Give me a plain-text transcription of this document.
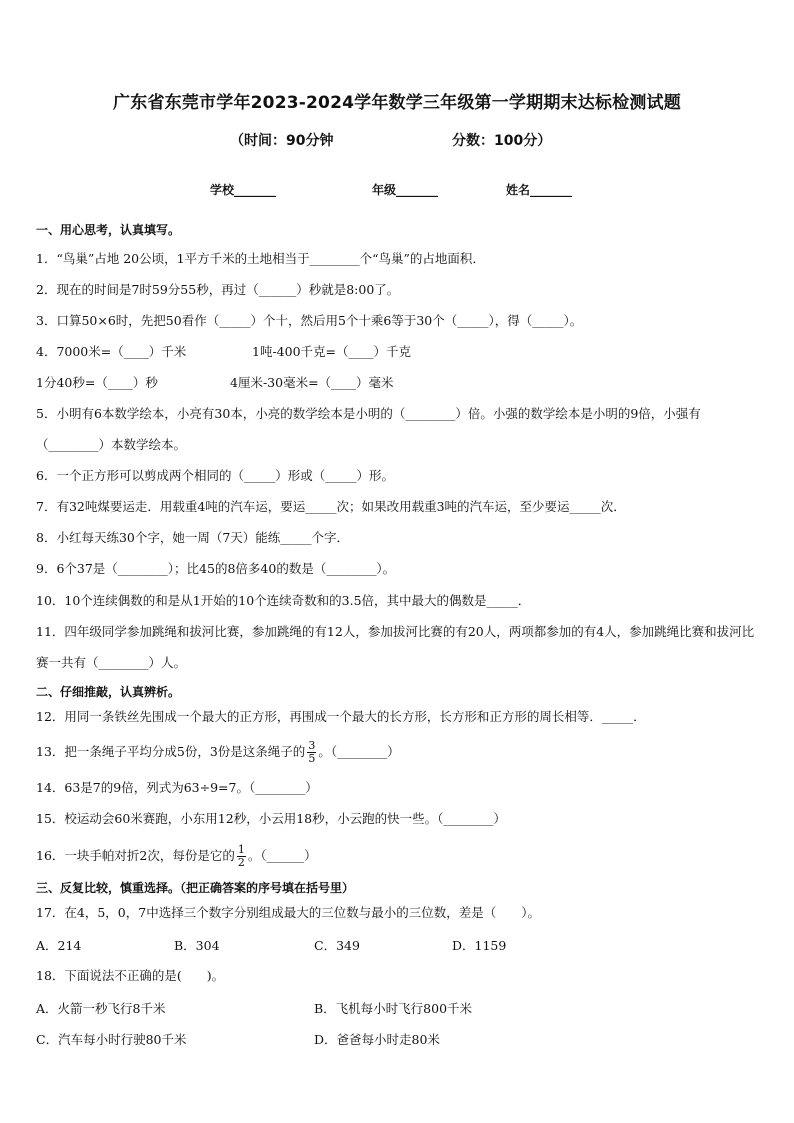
广东省东莞市学年2023-2024学年数学三年级第一学期期末达标检测试题
（时间：90分钟	分数：100分）
学校_______	年级_______	姓名_______
一、用心思考，认真填写。
1．“鸟巢”占地 20公顷，1平方千米的土地相当于________个“鸟巢”的占地面积．
2．现在的时间是7时59分55秒，再过（______）秒就是8:00了。
3．口算50×6时，先把50看作（_____）个十，然后用5个十乘6等于30个（_____），得（_____）。
4．7000米=（____）千米	1吨-400千克=（____）千克
1分40秒=（____）秒	4厘米-30毫米=（____）毫米
5．小明有6本数学绘本，小亮有30本，小亮的数学绘本是小明的（________）倍。小强的数学绘本是小明的9倍，小强有（________）本数学绘本。
6．一个正方形可以剪成两个相同的（_____）形或（_____）形。
7．有32吨煤要运走．用载重4吨的汽车运，要运_____次；如果改用载重3吨的汽车运，至少要运_____次．
8．小红每天练30个字，她一周（7天）能练_____个字．
9．6个37是（________）；比45的8倍多40的数是（________）。
10．10个连续偶数的和是从1开始的10个连续奇数和的3.5倍，其中最大的偶数是_____．
11．四年级同学参加跳绳和拔河比赛，参加跳绳的有12人，参加拔河比赛的有20人，两项都参加的有4人，参加跳绳比赛和拔河比赛一共有（________）人。
二、仔细推敲，认真辨析。
12．用同一条铁丝先围成一个最大的正方形，再围成一个最大的长方形，长方形和正方形的周长相等．_____．
13．把一条绳子平均分成5份，3份是这条绳子的 $\frac{3}{5}$ 。（________）
14．63是7的9倍，列式为63÷9=7。（________）
15．校运动会60米赛跑，小东用12秒，小云用18秒，小云跑的快一些。（________）
16．一块手帕对折2次，每份是它的 $\frac{1}{2}$ 。（______）
三、反复比较，慎重选择。（把正确答案的序号填在括号里）
17．在4，5，0，7中选择三个数字分别组成最大的三位数与最小的三位数，差是（　　）。
A．214	B．304	C．349	D．1159
18．下面说法不正确的是(　　)。
A．火箭一秒飞行8千米	B．飞机每小时飞行800千米
C．汽车每小时行驶80千米	D．爸爸每小时走80米
